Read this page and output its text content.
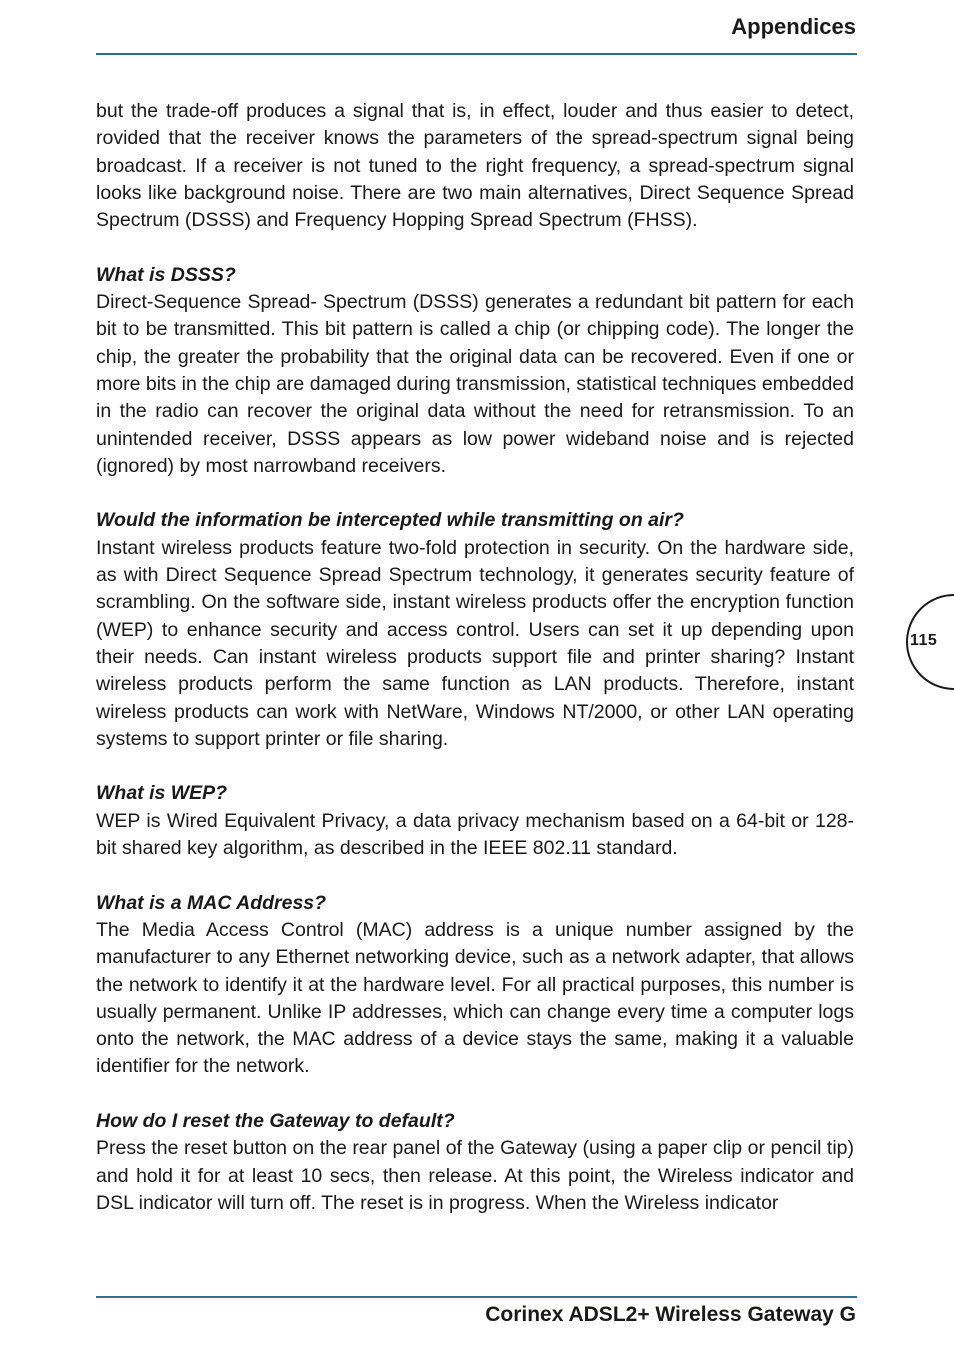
Appendices

but the trade-off produces a signal that is, in effect, louder and thus easier to detect, rovided that the receiver knows the parameters of the spread-spectrum signal being broadcast. If a receiver is not tuned to the right frequency, a spread-spectrum signal looks like background noise. There are two main alternatives, Direct Sequence Spread Spectrum (DSSS) and Frequency Hopping Spread Spectrum (FHSS).

What is DSSS?

Direct-Sequence Spread- Spectrum (DSSS) generates a redundant bit pattern for each bit to be transmitted. This bit pattern is called a chip (or chipping code). The longer the chip, the greater the probability that the original data can be recovered. Even if one or more bits in the chip are damaged during transmission, statistical techniques embedded in the radio can recover the original data without the need for retransmission. To an unintended receiver, DSSS appears as low power wideband noise and is rejected (ignored) by most narrowband receivers.

Would the information be intercepted while transmitting on air?

Instant wireless products feature two-fold protection in security. On the hardware side, as with Direct Sequence Spread Spectrum technology, it generates security feature of scrambling. On the software side, instant wireless products offer the encryption function (WEP) to enhance security and access control. Users can set it up depending upon their needs. Can instant wireless products support file and printer sharing? Instant wireless products perform the same function as LAN products. Therefore, instant wireless products can work with NetWare, Windows NT/2000, or other LAN operating systems to support printer or file sharing.

What is WEP?

WEP is Wired Equivalent Privacy, a data privacy mechanism based on a 64-bit or 128-bit shared key algorithm, as described in the IEEE 802.11 standard.

What is a MAC Address?

The Media Access Control (MAC) address is a unique number assigned by the manufacturer to any Ethernet networking device, such as a network adapter, that allows the network to identify it at the hardware level. For all practical purposes, this number is usually permanent. Unlike IP addresses, which can change every time a computer logs onto the network, the MAC address of a device stays the same, making it a valuable identifier for the network.

How do I reset the Gateway to default?

Press the reset button on the rear panel of the Gateway (using a paper clip or pencil tip) and hold it for at least 10 secs, then release. At this point, the Wireless indicator and DSL indicator will turn off. The reset is in progress. When the Wireless indicator

115
Corinex ADSL2+ Wireless Gateway G
